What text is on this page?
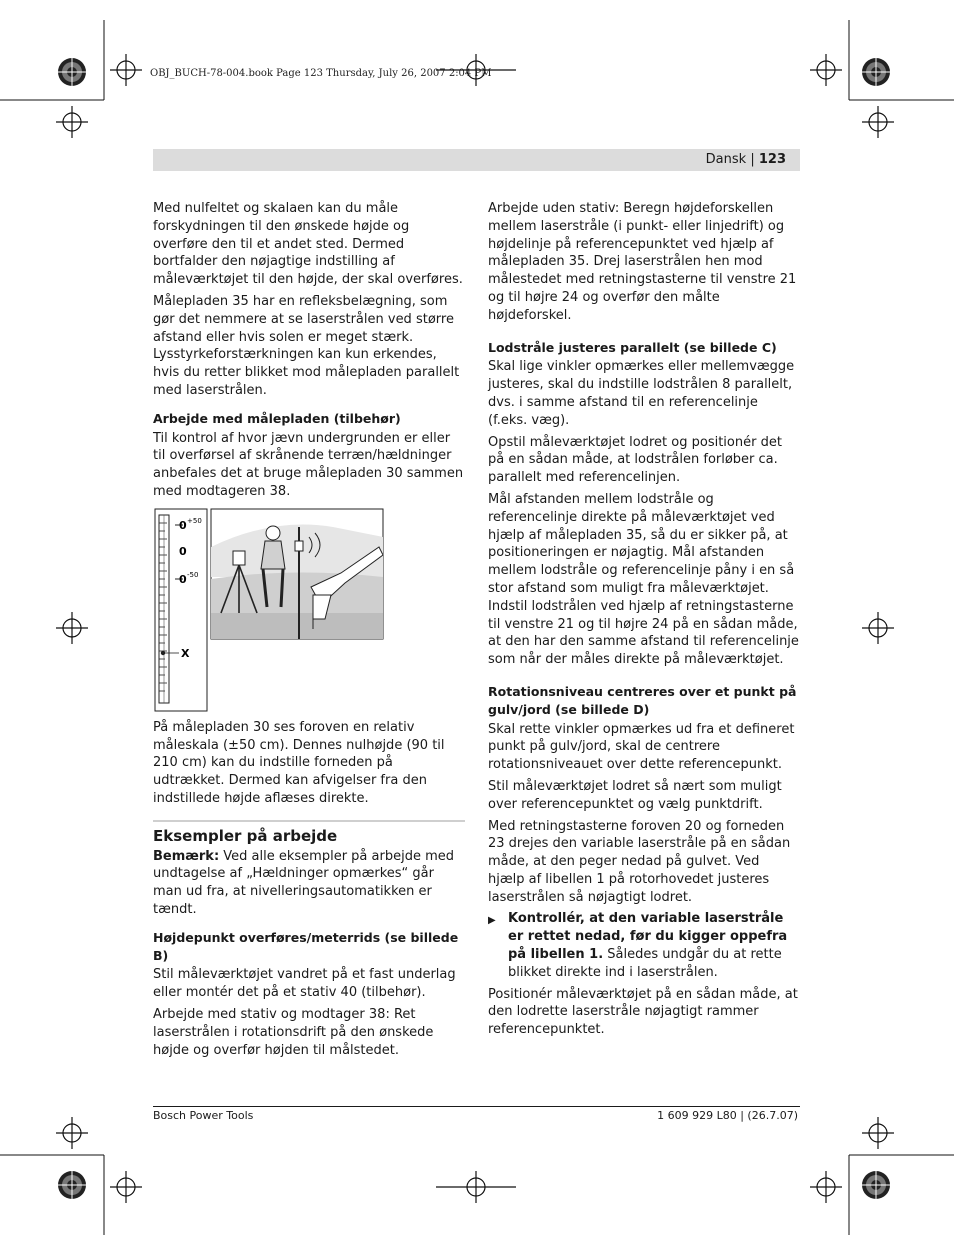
OBJ_BUCH-78-004.book Page 123 Thursday, July 26, 2007 2:04 PM
Dansk | 123

Med nulfeltet og skalaen kan du måle forskydningen til den ønskede højde og overføre den til et andet sted. Dermed bortfalder den nøjagtige indstilling af måleværktøjet til den højde, der skal overføres.

Målepladen 35 har en refleksbelægning, som gør det nemmere at se laserstrålen ved større afstand eller hvis solen er meget stærk. Lysstyrkeforstærkningen kan kun erkendes, hvis du retter blikket mod målepladen parallelt med laserstrålen.

Arbejde med målepladen (tilbehør)

Til kontrol af hvor jævn undergrunden er eller til overførsel af skrånende terræn/hældninger anbefales det at bruge målepladen 30 sammen med modtageren 38.

0 +50
0
0 -50
X

På målepladen 30 ses foroven en relativ måleskala (±50 cm). Dennes nulhøjde (90 til 210 cm) kan du indstille forneden på udtrækket. Dermed kan afvigelser fra den indstillede højde aflæses direkte.

Eksempler på arbejde

Bemærk: Ved alle eksempler på arbejde med undtagelse af „Hældninger opmærkes“ går man ud fra, at nivelleringsautomatikken er tændt.

Højdepunkt overføres/meterrids (se billede B)

Stil måleværktøjet vandret på et fast underlag eller montér det på et stativ 40 (tilbehør).

Arbejde med stativ og modtager 38: Ret laserstrålen i rotationsdrift på den ønskede højde og overfør højden til målstedet.

Arbejde uden stativ: Beregn højdeforskellen mellem laserstråle (i punkt- eller linjedrift) og højdelinje på referencepunktet ved hjælp af målepladen 35. Drej laserstrålen hen mod målestedet med retningstasterne til venstre 21 og til højre 24 og overfør den målte højdeforskel.

Lodstråle justeres parallelt (se billede C)

Skal lige vinkler opmærkes eller mellemvægge justeres, skal du indstille lodstrålen 8 parallelt, dvs. i samme afstand til en referencelinje (f.eks. væg).

Opstil måleværktøjet lodret og positionér det på en sådan måde, at lodstrålen forløber ca. parallelt med referencelinjen.

Mål afstanden mellem lodstråle og referencelinje direkte på måleværktøjet ved hjælp af målepladen 35, så du er sikker på, at positioneringen er nøjagtig. Mål afstanden mellem lodstråle og referencelinje påny i en så stor afstand som muligt fra måleværktøjet. Indstil lodstrålen ved hjælp af retningstasterne til venstre 21 og til højre 24 på en sådan måde, at den har den samme afstand til referencelinje som når der måles direkte på måleværktøjet.

Rotationsniveau centreres over et punkt på gulv/jord (se billede D)

Skal rette vinkler opmærkes ud fra et defineret punkt på gulv/jord, skal de centrere rotationsniveauet over dette referencepunkt.

Stil måleværktøjet lodret så nært som muligt over referencepunktet og vælg punktdrift.

Med retningstasterne foroven 20 og forneden 23 drejes den variable laserstråle på en sådan måde, at den peger nedad på gulvet. Ved hjælp af libellen 1 på rotorhovedet justeres laserstrålen så nøjagtigt lodret.

▶ Kontrollér, at den variable laserstråle er rettet nedad, før du kigger oppefra på libellen 1. Således undgår du at rette blikket direkte ind i laserstrålen.

Positionér måleværktøjet på en sådan måde, at den lodrette laserstråle nøjagtigt rammer referencepunktet.

Bosch Power Tools	1 609 929 L80 | (26.7.07)
